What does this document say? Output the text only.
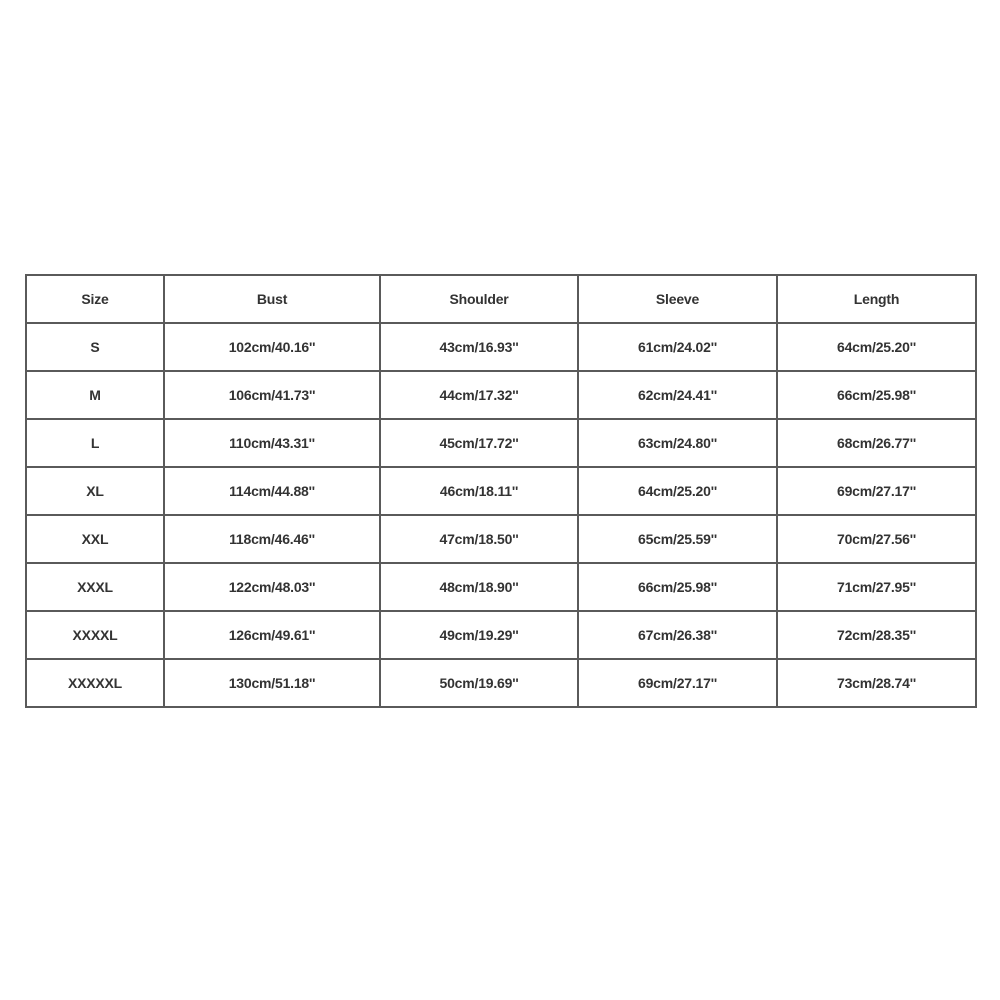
Size	Bust	Shoulder	Sleeve	Length
S	102cm/40.16''	43cm/16.93''	61cm/24.02''	64cm/25.20''
M	106cm/41.73''	44cm/17.32''	62cm/24.41''	66cm/25.98''
L	110cm/43.31''	45cm/17.72''	63cm/24.80''	68cm/26.77''
XL	114cm/44.88''	46cm/18.11''	64cm/25.20''	69cm/27.17''
XXL	118cm/46.46''	47cm/18.50''	65cm/25.59''	70cm/27.56''
XXXL	122cm/48.03''	48cm/18.90''	66cm/25.98''	71cm/27.95''
XXXXL	126cm/49.61''	49cm/19.29''	67cm/26.38''	72cm/28.35''
XXXXXL	130cm/51.18''	50cm/19.69''	69cm/27.17''	73cm/28.74''
